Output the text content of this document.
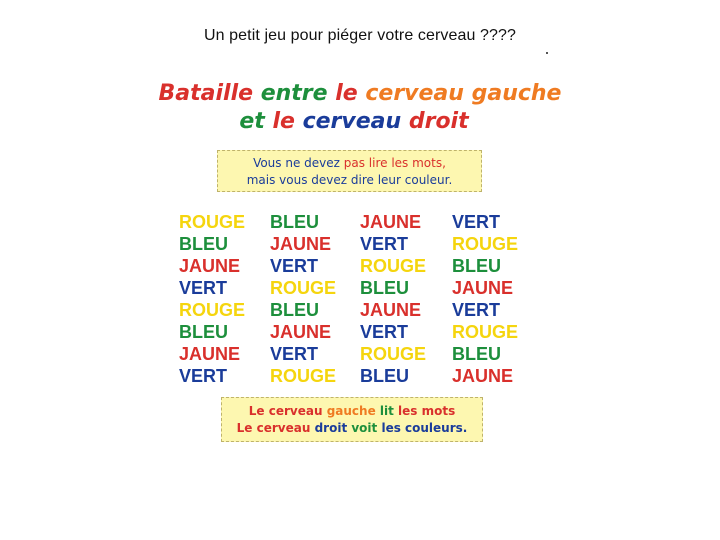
Un petit jeu pour piéger votre cerveau ????
Bataille entre le cerveau gauche
et le cerveau droit
Vous ne devez pas lire les mots,
mais vous devez dire leur couleur.
ROUGE
BLEU
JAUNE
VERT
ROUGE
BLEU
JAUNE
VERT
BLEU
JAUNE
VERT
ROUGE
BLEU
JAUNE
VERT
ROUGE
JAUNE
VERT
ROUGE
BLEU
JAUNE
VERT
ROUGE
BLEU
VERT
ROUGE
BLEU
JAUNE
VERT
ROUGE
BLEU
JAUNE
Le cerveau gauche lit les mots
Le cerveau droit voit les couleurs.
